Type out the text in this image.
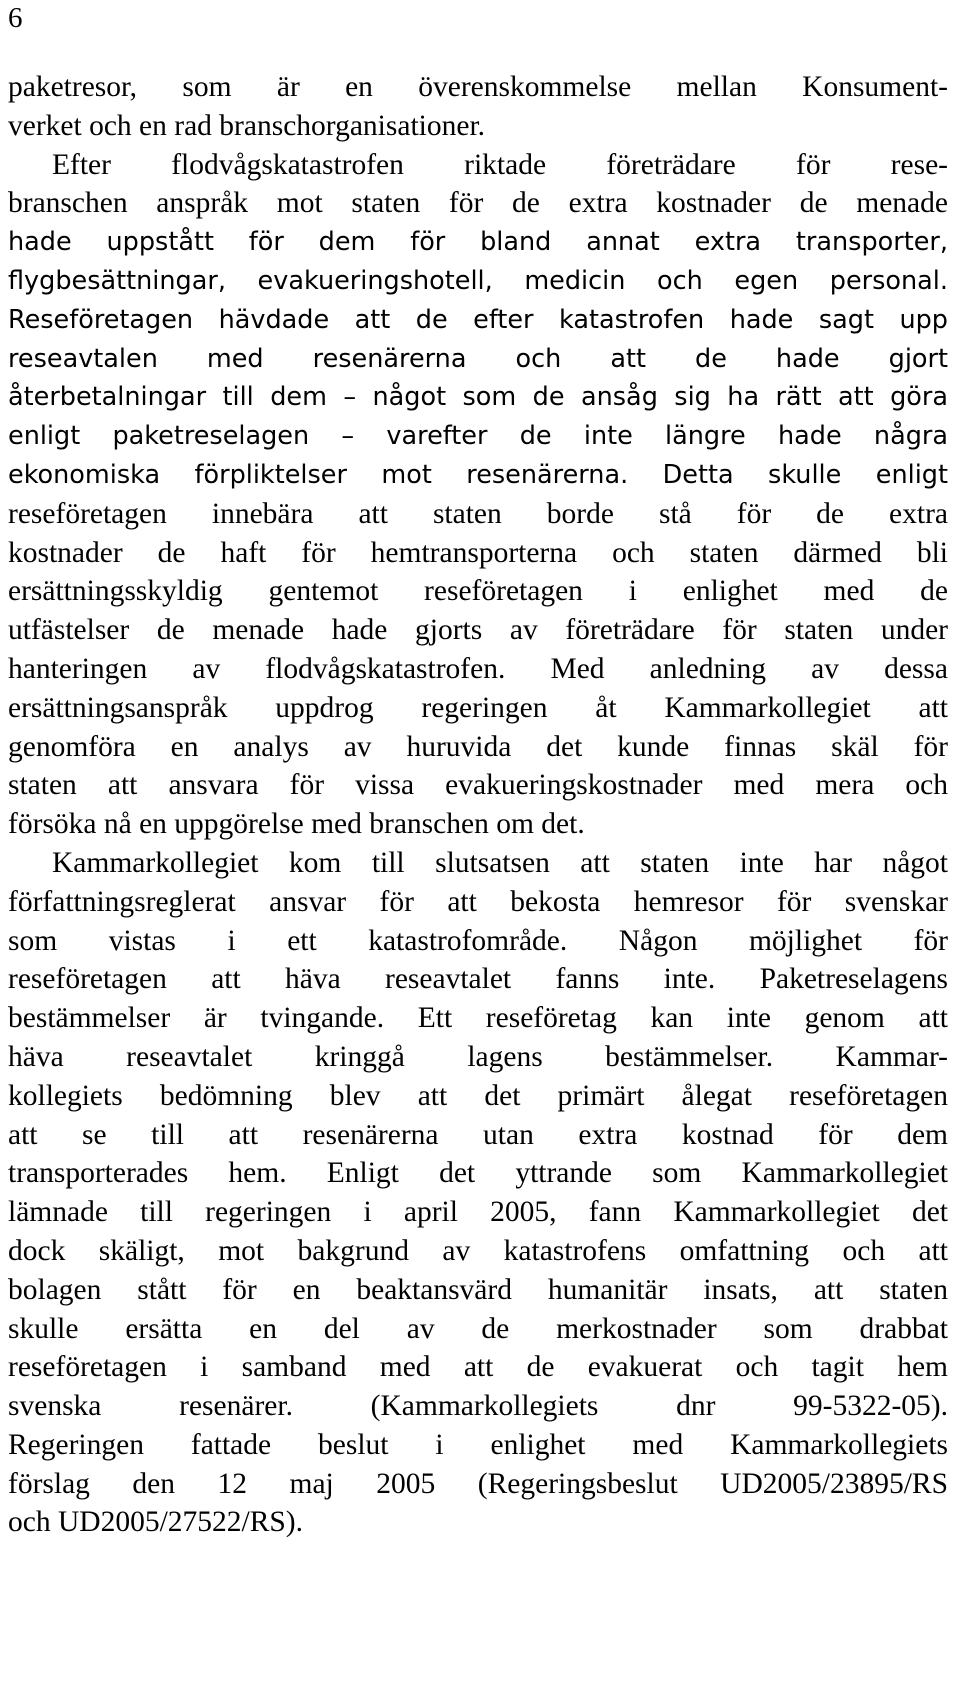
6
paketresor, som är en överenskommelse mellan Konsument-
verket och en rad branschorganisationer.
Efter flodvågskatastrofen riktade företrädare för rese-
branschen anspråk mot staten för de extra kostnader de menade
hade uppstått för dem för bland annat extra transporter,
flygbesättningar, evakueringshotell, medicin och egen personal.
Reseföretagen hävdade att de efter katastrofen hade sagt upp
reseavtalen med resenärerna och att de hade gjort
återbetalningar till dem – något som de ansåg sig ha rätt att göra
enligt paketreselagen – varefter de inte längre hade några
ekonomiska förpliktelser mot resenärerna. Detta skulle enligt
reseföretagen innebära att staten borde stå för de extra
kostnader de haft för hemtransporterna och staten därmed bli
ersättningsskyldig gentemot reseföretagen i enlighet med de
utfästelser de menade hade gjorts av företrädare för staten under
hanteringen av flodvågskatastrofen. Med anledning av dessa
ersättningsanspråk uppdrog regeringen åt Kammarkollegiet att
genomföra en analys av huruvida det kunde finnas skäl för
staten att ansvara för vissa evakueringskostnader med mera och
försöka nå en uppgörelse med branschen om det.
Kammarkollegiet kom till slutsatsen att staten inte har något
författningsreglerat ansvar för att bekosta hemresor för svenskar
som vistas i ett katastrofområde. Någon möjlighet för
reseföretagen att häva reseavtalet fanns inte. Paketreselagens
bestämmelser är tvingande. Ett reseföretag kan inte genom att
häva reseavtalet kringgå lagens bestämmelser. Kammar-
kollegiets bedömning blev att det primärt ålegat reseföretagen
att se till att resenärerna utan extra kostnad för dem
transporterades hem. Enligt det yttrande som Kammarkollegiet
lämnade till regeringen i april 2005, fann Kammarkollegiet det
dock skäligt, mot bakgrund av katastrofens omfattning och att
bolagen stått för en beaktansvärd humanitär insats, att staten
skulle ersätta en del av de merkostnader som drabbat
reseföretagen i samband med att de evakuerat och tagit hem
svenska resenärer. (Kammarkollegiets dnr 99-5322-05).
Regeringen fattade beslut i enlighet med Kammarkollegiets
förslag den 12 maj 2005 (Regeringsbeslut UD2005/23895/RS
och UD2005/27522/RS).
